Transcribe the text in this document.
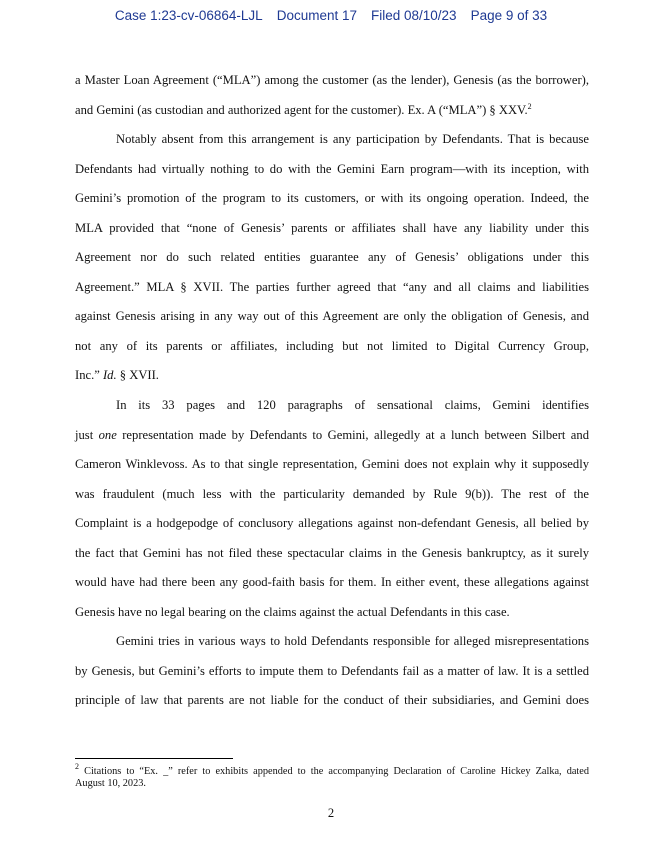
Case 1:23-cv-06864-LJL Document 17 Filed 08/10/23 Page 9 of 33
a Master Loan Agreement (“MLA”) among the customer (as the lender), Genesis (as the borrower),
and Gemini (as custodian and authorized agent for the customer). Ex. A (“MLA”) § XXV.$^2$
Notably absent from this arrangement is any participation by Defendants. That is because
Defendants had virtually nothing to do with the Gemini Earn program—with its inception, with
Gemini’s promotion of the program to its customers, or with its ongoing operation. Indeed, the
MLA provided that “none of Genesis’ parents or affiliates shall have any liability under this
Agreement nor do such related entities guarantee any of Genesis’ obligations under this
Agreement.” MLA § XVII. The parties further agreed that “any and all claims and liabilities
against Genesis arising in any way out of this Agreement are only the obligation of Genesis, and
not any of its parents or affiliates, including but not limited to Digital Currency Group,
Inc.” Id. § XVII.
In its 33 pages and 120 paragraphs of sensational claims, Gemini identifies
just one representation made by Defendants to Gemini, allegedly at a lunch between Silbert and
Cameron Winklevoss. As to that single representation, Gemini does not explain why it supposedly
was fraudulent (much less with the particularity demanded by Rule 9(b)). The rest of the
Complaint is a hodgepodge of conclusory allegations against non-defendant Genesis, all belied by
the fact that Gemini has not filed these spectacular claims in the Genesis bankruptcy, as it surely
would have had there been any good-faith basis for them. In either event, these allegations against
Genesis have no legal bearing on the claims against the actual Defendants in this case.
Gemini tries in various ways to hold Defendants responsible for alleged misrepresentations
by Genesis, but Gemini’s efforts to impute them to Defendants fail as a matter of law. It is a settled
principle of law that parents are not liable for the conduct of their subsidiaries, and Gemini does
$^2$ Citations to “Ex. _” refer to exhibits appended to the accompanying Declaration of Caroline Hickey Zalka, dated
August 10, 2023.
2
